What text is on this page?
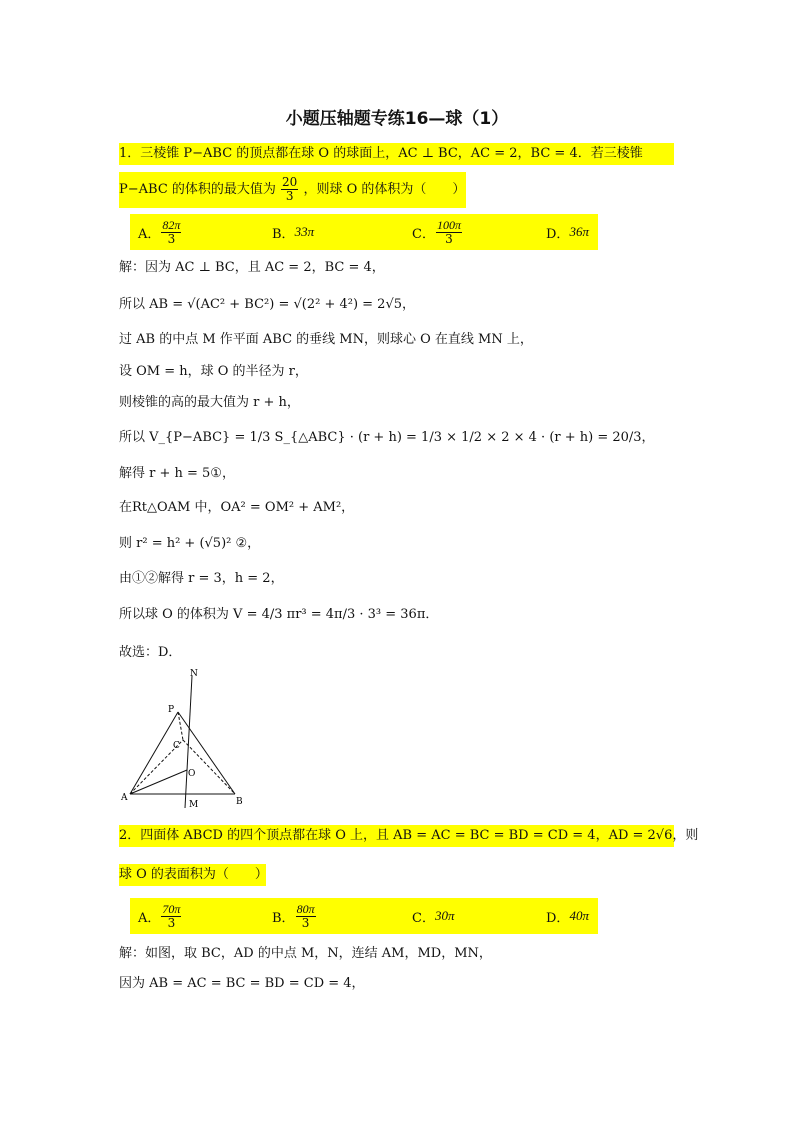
小题压轴题专练16—球（1）
1．三棱锥 P−ABC 的顶点都在球 O 的球面上，AC ⊥ BC，AC = 2，BC = 4．若三棱锥
P−ABC 的体积的最大值为 $\frac{20}{3}$ ，则球 O 的体积为（　　）
A． $\frac{82\pi}{3}$	B． 33π	C． $\frac{100\pi}{3}$	D． 36π
解：因为 AC ⊥ BC，且 AC = 2，BC = 4，
所以 AB = √(AC² + BC²) = √(2² + 4²) = 2√5，
过 AB 的中点 M 作平面 ABC 的垂线 MN，则球心 O 在直线 MN 上，
设 OM = h，球 O 的半径为 r，
则棱锥的高的最大值为 r + h，
所以 V_{P−ABC} = 1/3 S_{△ABC} · (r + h) = 1/3 × 1/2 × 2 × 4 · (r + h) = 20/3，
解得 r + h = 5①，
在Rt△OAM 中，OA² = OM² + AM²，
则 r² = h² + (√5)² ②，
由①②解得 r = 3，h = 2，
所以球 O 的体积为 V = 4/3 πr³ = 4π/3 · 3³ = 36π．
故选：D．
N
P
C
O
A
M	B
2．四面体 ABCD 的四个顶点都在球 O 上，且 AB = AC = BC = BD = CD = 4，AD = 2√6，则
球 O 的表面积为（　　）
A． $\frac{70\pi}{3}$	B． $\frac{80\pi}{3}$	C． 30π	D． 40π
解：如图，取 BC，AD 的中点 M，N，连结 AM，MD，MN，
因为 AB = AC = BC = BD = CD = 4，
